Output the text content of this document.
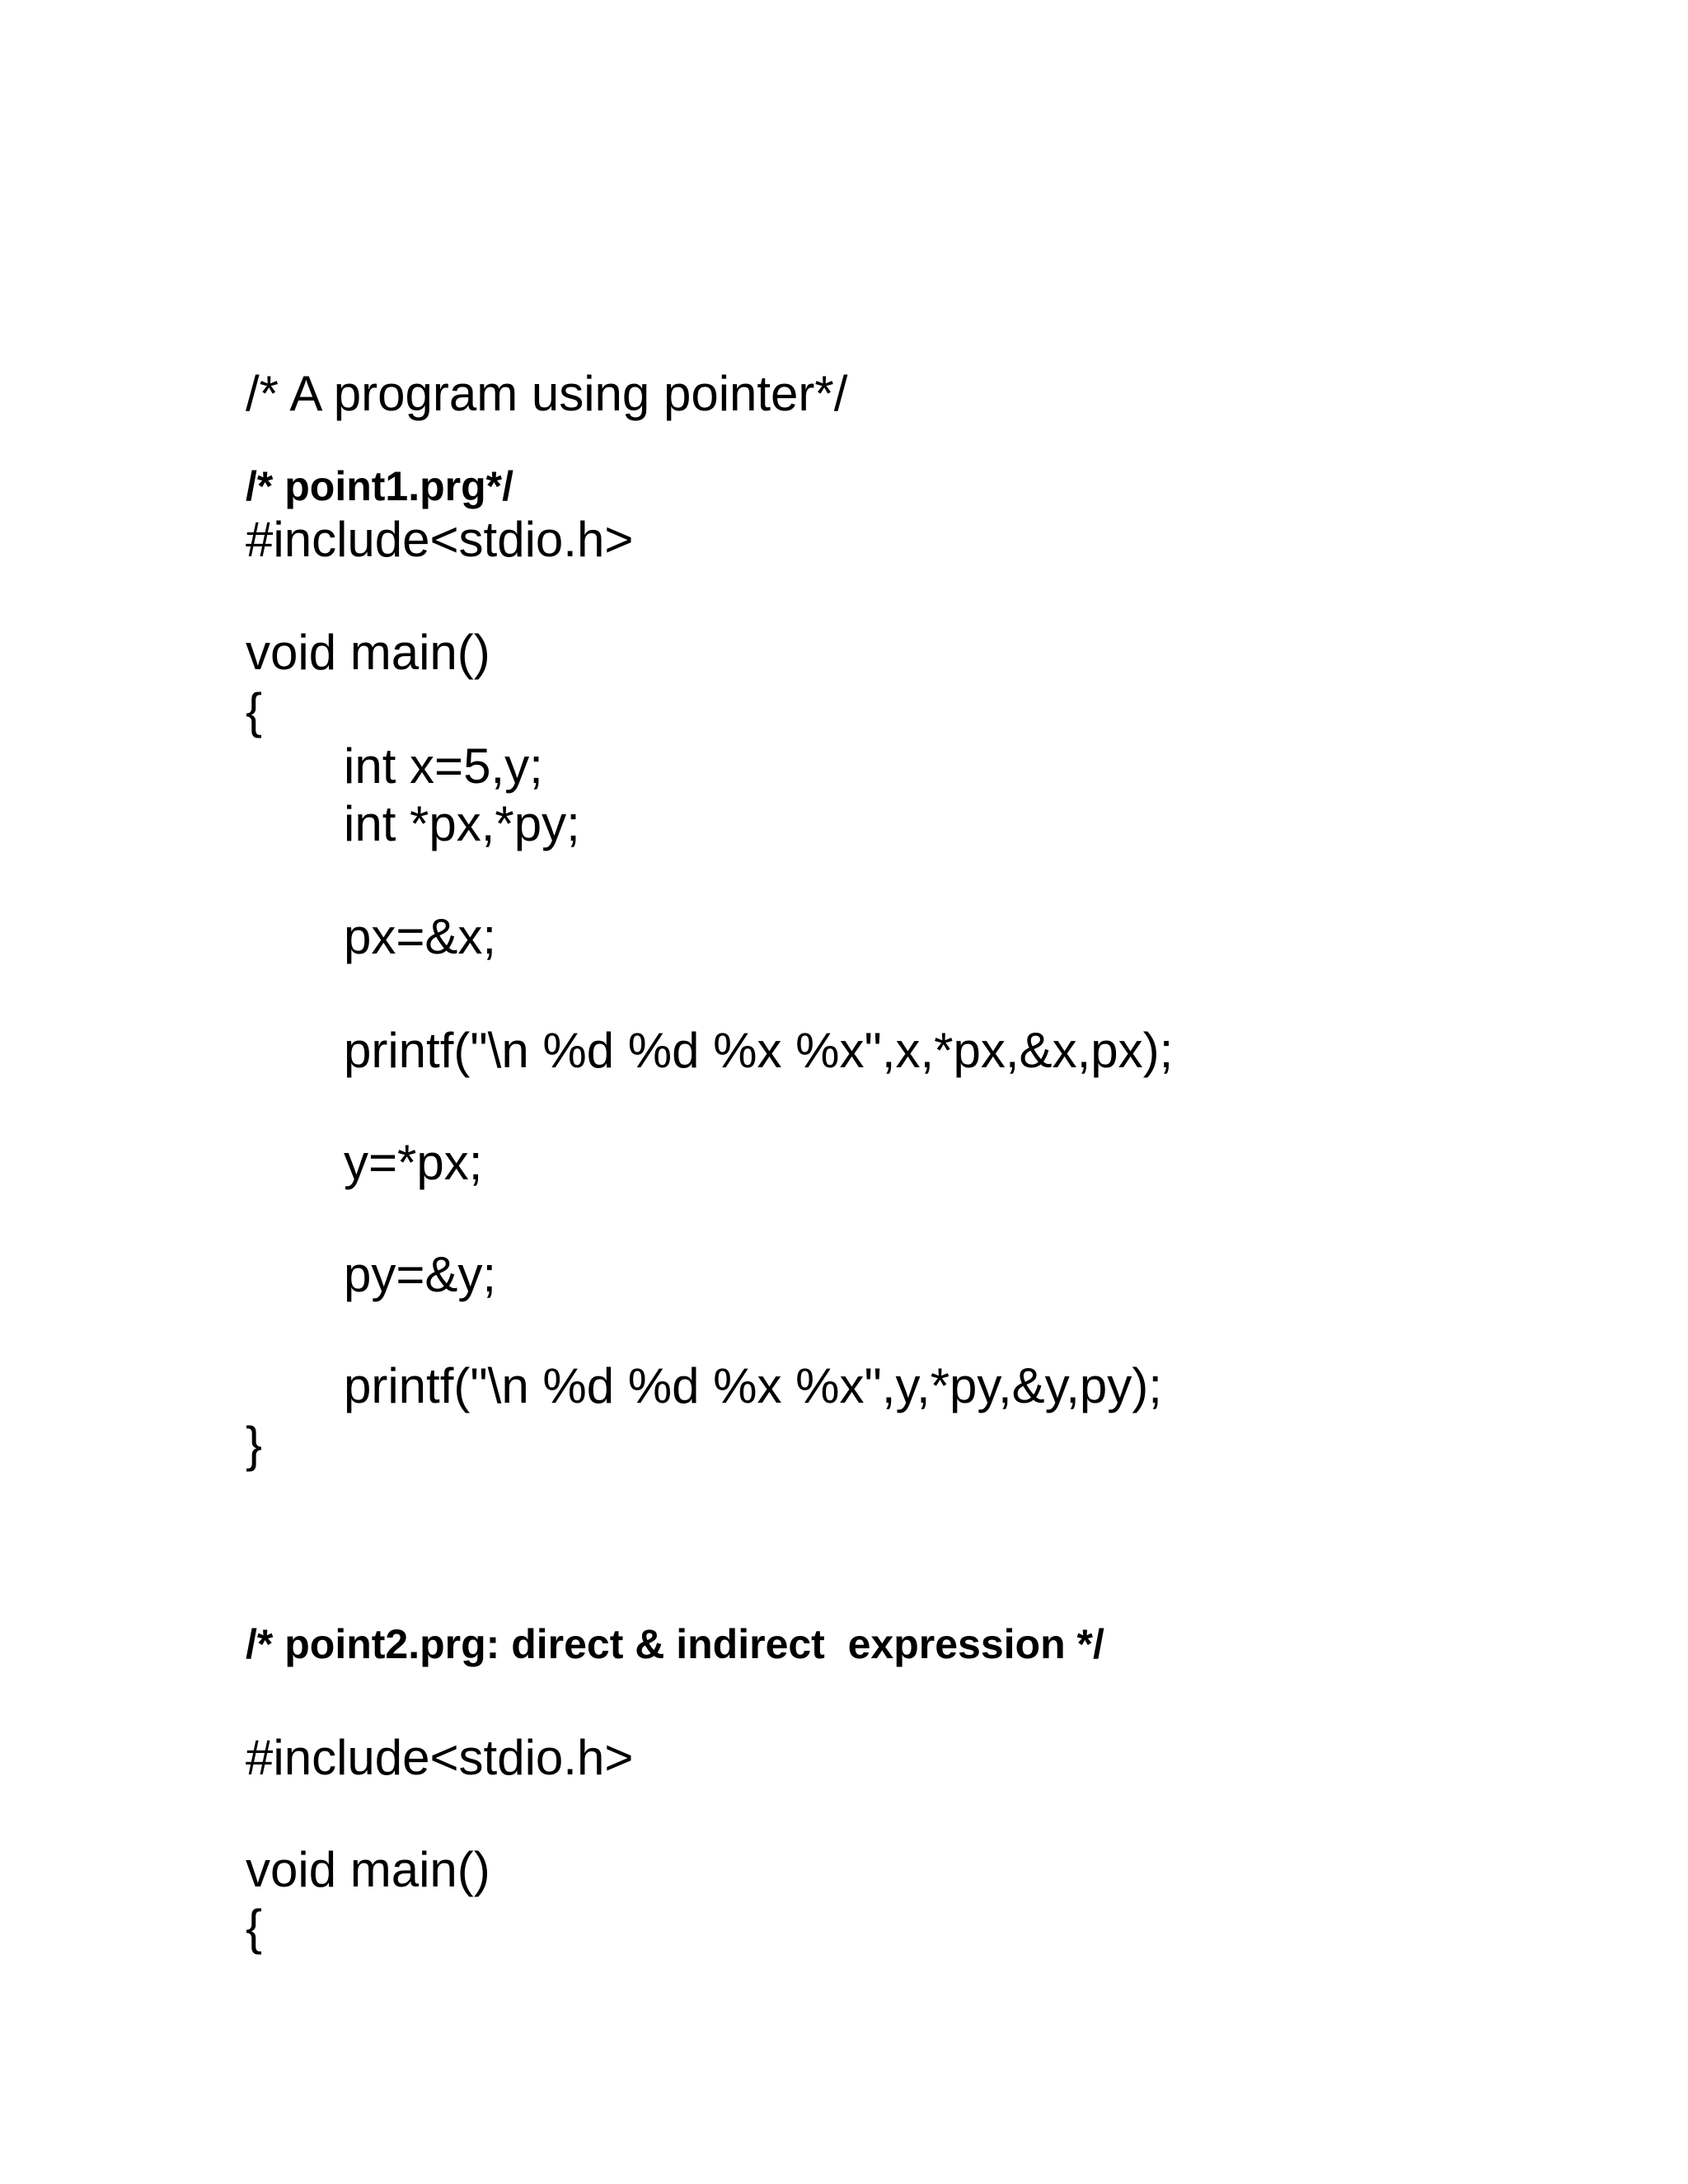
/* A program using pointer*/

/* point1.prg*/

#include<stdio.h>

void main()

{

int x=5,y;

int *px,*py;

px=&x;

printf("\n %d %d %x %x",x,*px,&x,px);

y=*px;

py=&y;

printf("\n %d %d %x %x",y,*py,&y,py);

}

/* point2.prg: direct & indirect  expression */

#include<stdio.h>

void main()

{
